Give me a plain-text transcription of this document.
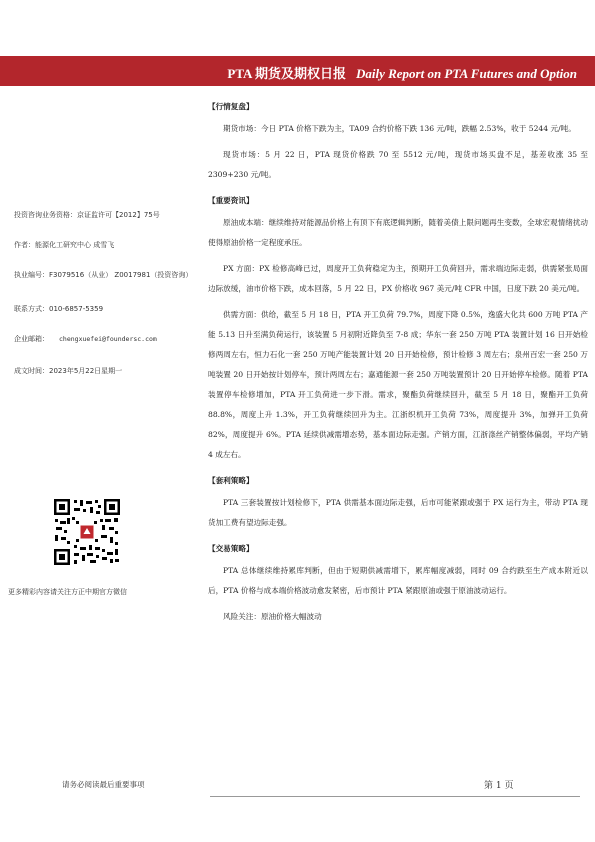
PTA 期货及期权日报 Daily Report on PTA Futures and Option
投资咨询业务资格：京证监许可【2012】75号
作者：能源化工研究中心 成雪飞
执业编号：F3079516（从业） Z0017981（投资咨询）
联系方式：010-6857-5359
企业邮箱： chengxuefei@foundersc.com
成文时间：2023年5月22日星期一
更多精彩内容请关注方正中期官方微信
【行情复盘】

期货市场：今日 PTA 价格下跌为主，TA09 合约价格下跌 136 元/吨，跌幅 2.53%，收于 5244 元/吨。

现货市场：5 月 22 日，PTA 现货价格跌 70 至 5512 元/吨，现货市场买盘不足，基差收涨 35 至 2309+230 元/吨。

【重要资讯】

原油成本端：继续维持对能源品价格上有顶下有底逻辑判断，随着美债上限问题再生变数，全球宏观情绪扰动使得原油价格一定程度承压。

PX 方面：PX 检修高峰已过，周度开工负荷稳定为主，预期开工负荷回升，需求端边际走弱，供需紧张局面边际放缓，油市价格下跌，成本回落，5 月 22 日，PX 价格收 967 美元/吨 CFR 中国，日度下跌 20 美元/吨。

供需方面：供给，截至 5 月 18 日，PTA 开工负荷 79.7%，周度下降 0.5%，逸盛大化共 600 万吨 PTA 产能 5.13 日升至满负荷运行，该装置 5 月初附近降负至 7-8 成；华东一套 250 万吨 PTA 装置计划 16 日开始检修两周左右，恒力石化一套 250 万吨产能装置计划 20 日开始检修，预计检修 3 周左右；泉州百宏一套 250 万吨装置 20 日开始按计划停车，预计两周左右；嘉通能源一套 250 万吨装置预计 20 日开始停车检修。随着 PTA 装置停车检修增加，PTA 开工负荷进一步下滑。需求，聚酯负荷继续回升，截至 5 月 18 日，聚酯开工负荷 88.8%，周度上升 1.3%，开工负荷继续回升为主。江浙织机开工负荷 73%，周度提升 3%，加弹开工负荷 82%，周度提升 6%。PTA 延续供减需增态势，基本面边际走强。产销方面，江浙涤丝产销整体偏弱，平均产销 4 成左右。

【套利策略】

PTA 三套装置按计划检修下，PTA 供需基本面边际走强，后市可能紧跟或强于 PX 运行为主，带动 PTA 现货加工费有望边际走强。

【交易策略】

PTA 总体继续维持累库判断，但由于短期供减需增下，累库幅度减弱，同时 09 合约跌至生产成本附近以后，PTA 价格与成本端价格波动愈发紧密，后市预计 PTA 紧跟原油或强于原油波动运行。

风险关注：原油价格大幅波动

请务必阅读最后重要事项	第 1 页
